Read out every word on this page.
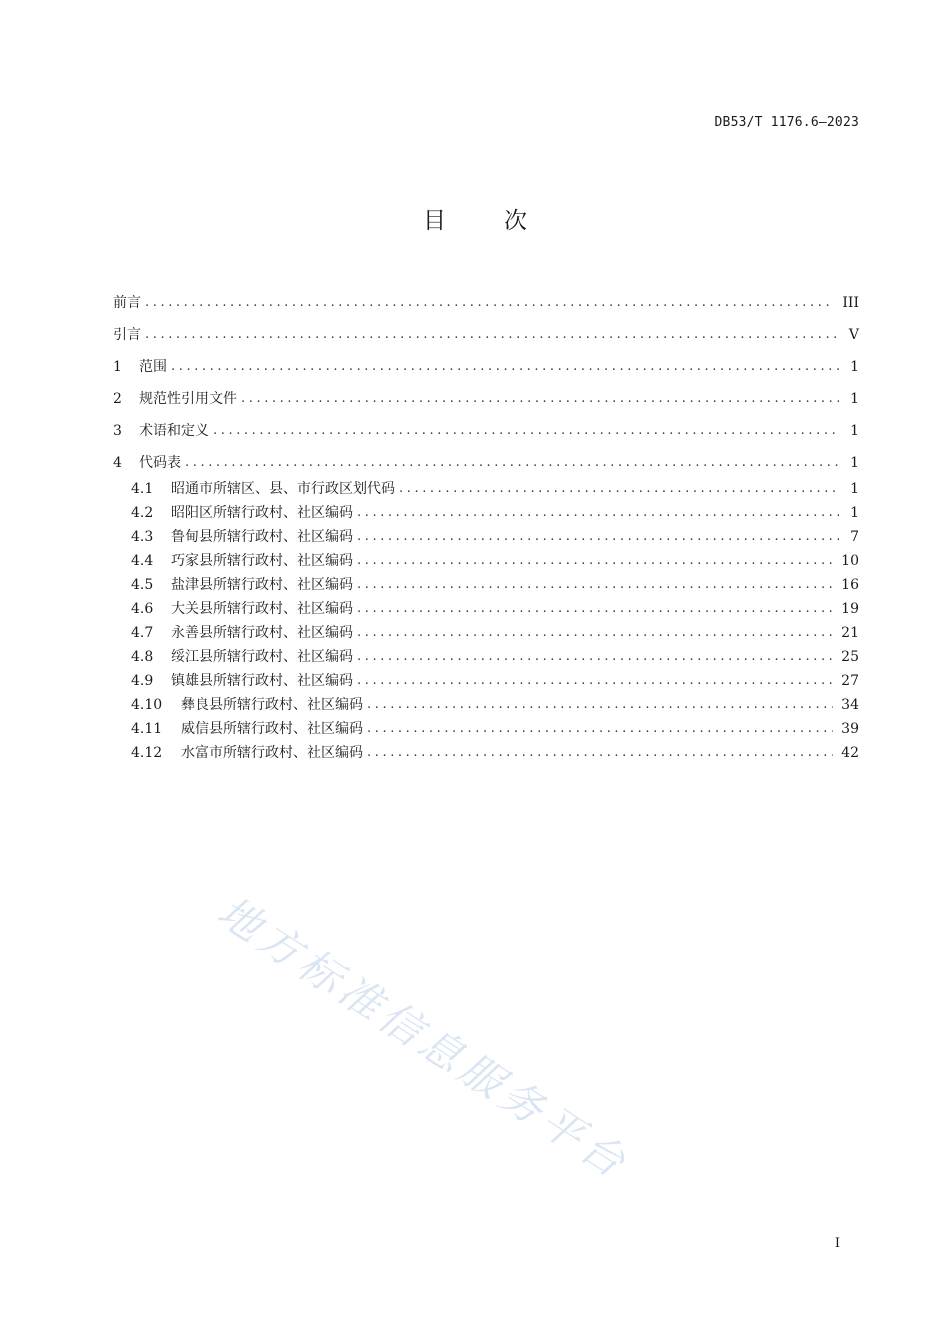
DB53/T 1176.6—2023
目次
前言 .....	III
引言 .....	V
1	范围 .....	1
2	规范性引用文件 .....	1
3	术语和定义 .....	1
4	代码表 .....	1
4.1	昭通市所辖区、县、市行政区划代码 .....	1
4.2	昭阳区所辖行政村、社区编码 .....	1
4.3	鲁甸县所辖行政村、社区编码 .....	7
4.4	巧家县所辖行政村、社区编码 .....	10
4.5	盐津县所辖行政村、社区编码 .....	16
4.6	大关县所辖行政村、社区编码 .....	19
4.7	永善县所辖行政村、社区编码 .....	21
4.8	绥江县所辖行政村、社区编码 .....	25
4.9	镇雄县所辖行政村、社区编码 .....	27
4.10	彝良县所辖行政村、社区编码 .....	34
4.11	威信县所辖行政村、社区编码 .....	39
4.12	水富市所辖行政村、社区编码 .....	42
地方标准信息服务平台
I
